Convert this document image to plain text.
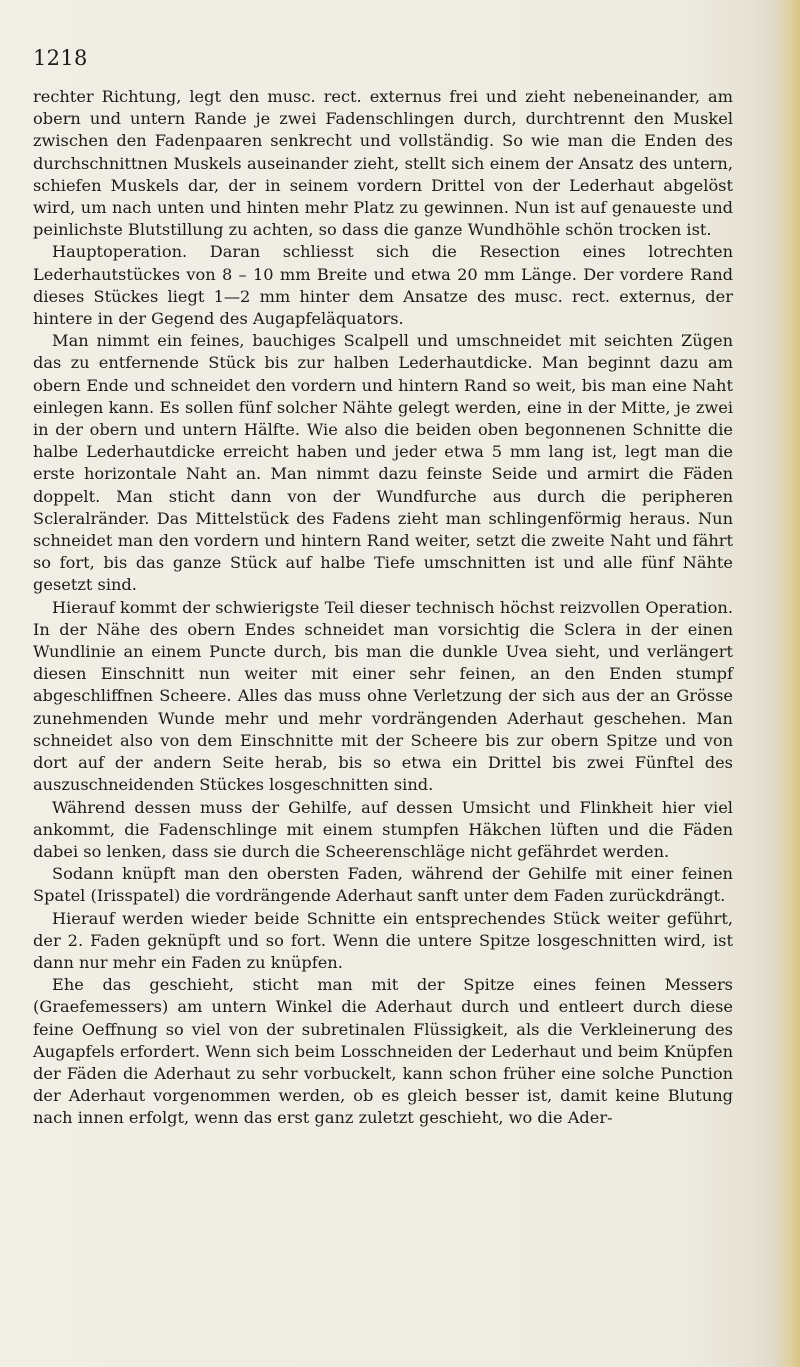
1218

rechter Richtung, legt den musc. rect. externus frei und zieht nebeneinander, am obern und untern Rande je zwei Fadenschlingen durch, durchtrennt den Muskel zwischen den Fadenpaaren senkrecht und vollständig. So wie man die Enden des durchschnittnen Muskels auseinander zieht, stellt sich einem der Ansatz des untern, schiefen Muskels dar, der in seinem vordern Drittel von der Lederhaut abgelöst wird, um nach unten und hinten mehr Platz zu gewinnen. Nun ist auf genaueste und peinlichste Blutstillung zu achten, so dass die ganze Wundhöhle schön trocken ist.

Hauptoperation. Daran schliesst sich die Resection eines lotrechten Lederhautstückes von 8 – 10 mm Breite und etwa 20 mm Länge. Der vordere Rand dieses Stückes liegt 1—2 mm hinter dem Ansatze des musc. rect. externus, der hintere in der Gegend des Augapfeläquators.

Man nimmt ein feines, bauchiges Scalpell und umschneidet mit seichten Zügen das zu entfernende Stück bis zur halben Lederhautdicke. Man beginnt dazu am obern Ende und schneidet den vordern und hintern Rand so weit, bis man eine Naht einlegen kann. Es sollen fünf solcher Nähte gelegt werden, eine in der Mitte, je zwei in der obern und untern Hälfte. Wie also die beiden oben begonnenen Schnitte die halbe Lederhautdicke erreicht haben und jeder etwa 5 mm lang ist, legt man die erste horizontale Naht an. Man nimmt dazu feinste Seide und armirt die Fäden doppelt. Man sticht dann von der Wundfurche aus durch die peripheren Scleralränder. Das Mittelstück des Fadens zieht man schlingenförmig heraus. Nun schneidet man den vordern und hintern Rand weiter, setzt die zweite Naht und fährt so fort, bis das ganze Stück auf halbe Tiefe umschnitten ist und alle fünf Nähte gesetzt sind.

Hierauf kommt der schwierigste Teil dieser technisch höchst reizvollen Operation. In der Nähe des obern Endes schneidet man vorsichtig die Sclera in der einen Wundlinie an einem Puncte durch, bis man die dunkle Uvea sieht, und verlängert diesen Einschnitt nun weiter mit einer sehr feinen, an den Enden stumpf abgeschliffnen Scheere. Alles das muss ohne Verletzung der sich aus der an Grösse zunehmenden Wunde mehr und mehr vordrängenden Aderhaut geschehen. Man schneidet also von dem Einschnitte mit der Scheere bis zur obern Spitze und von dort auf der andern Seite herab, bis so etwa ein Drittel bis zwei Fünftel des auszuschneidenden Stückes losgeschnitten sind.

Während dessen muss der Gehilfe, auf dessen Umsicht und Flinkheit hier viel ankommt, die Fadenschlinge mit einem stumpfen Häkchen lüften und die Fäden dabei so lenken, dass sie durch die Scheerenschläge nicht gefährdet werden.

Sodann knüpft man den obersten Faden, während der Gehilfe mit einer feinen Spatel (Irisspatel) die vordrängende Aderhaut sanft unter dem Faden zurückdrängt.

Hierauf werden wieder beide Schnitte ein entsprechendes Stück weiter geführt, der 2. Faden geknüpft und so fort. Wenn die untere Spitze losgeschnitten wird, ist dann nur mehr ein Faden zu knüpfen.

Ehe das geschieht, sticht man mit der Spitze eines feinen Messers (Graefemessers) am untern Winkel die Aderhaut durch und entleert durch diese feine Oeffnung so viel von der subretinalen Flüssigkeit, als die Verkleinerung des Augapfels erfordert. Wenn sich beim Losschneiden der Lederhaut und beim Knüpfen der Fäden die Aderhaut zu sehr vorbuckelt, kann schon früher eine solche Punction der Aderhaut vorgenommen werden, ob es gleich besser ist, damit keine Blutung nach innen erfolgt, wenn das erst ganz zuletzt geschieht, wo die Ader-
